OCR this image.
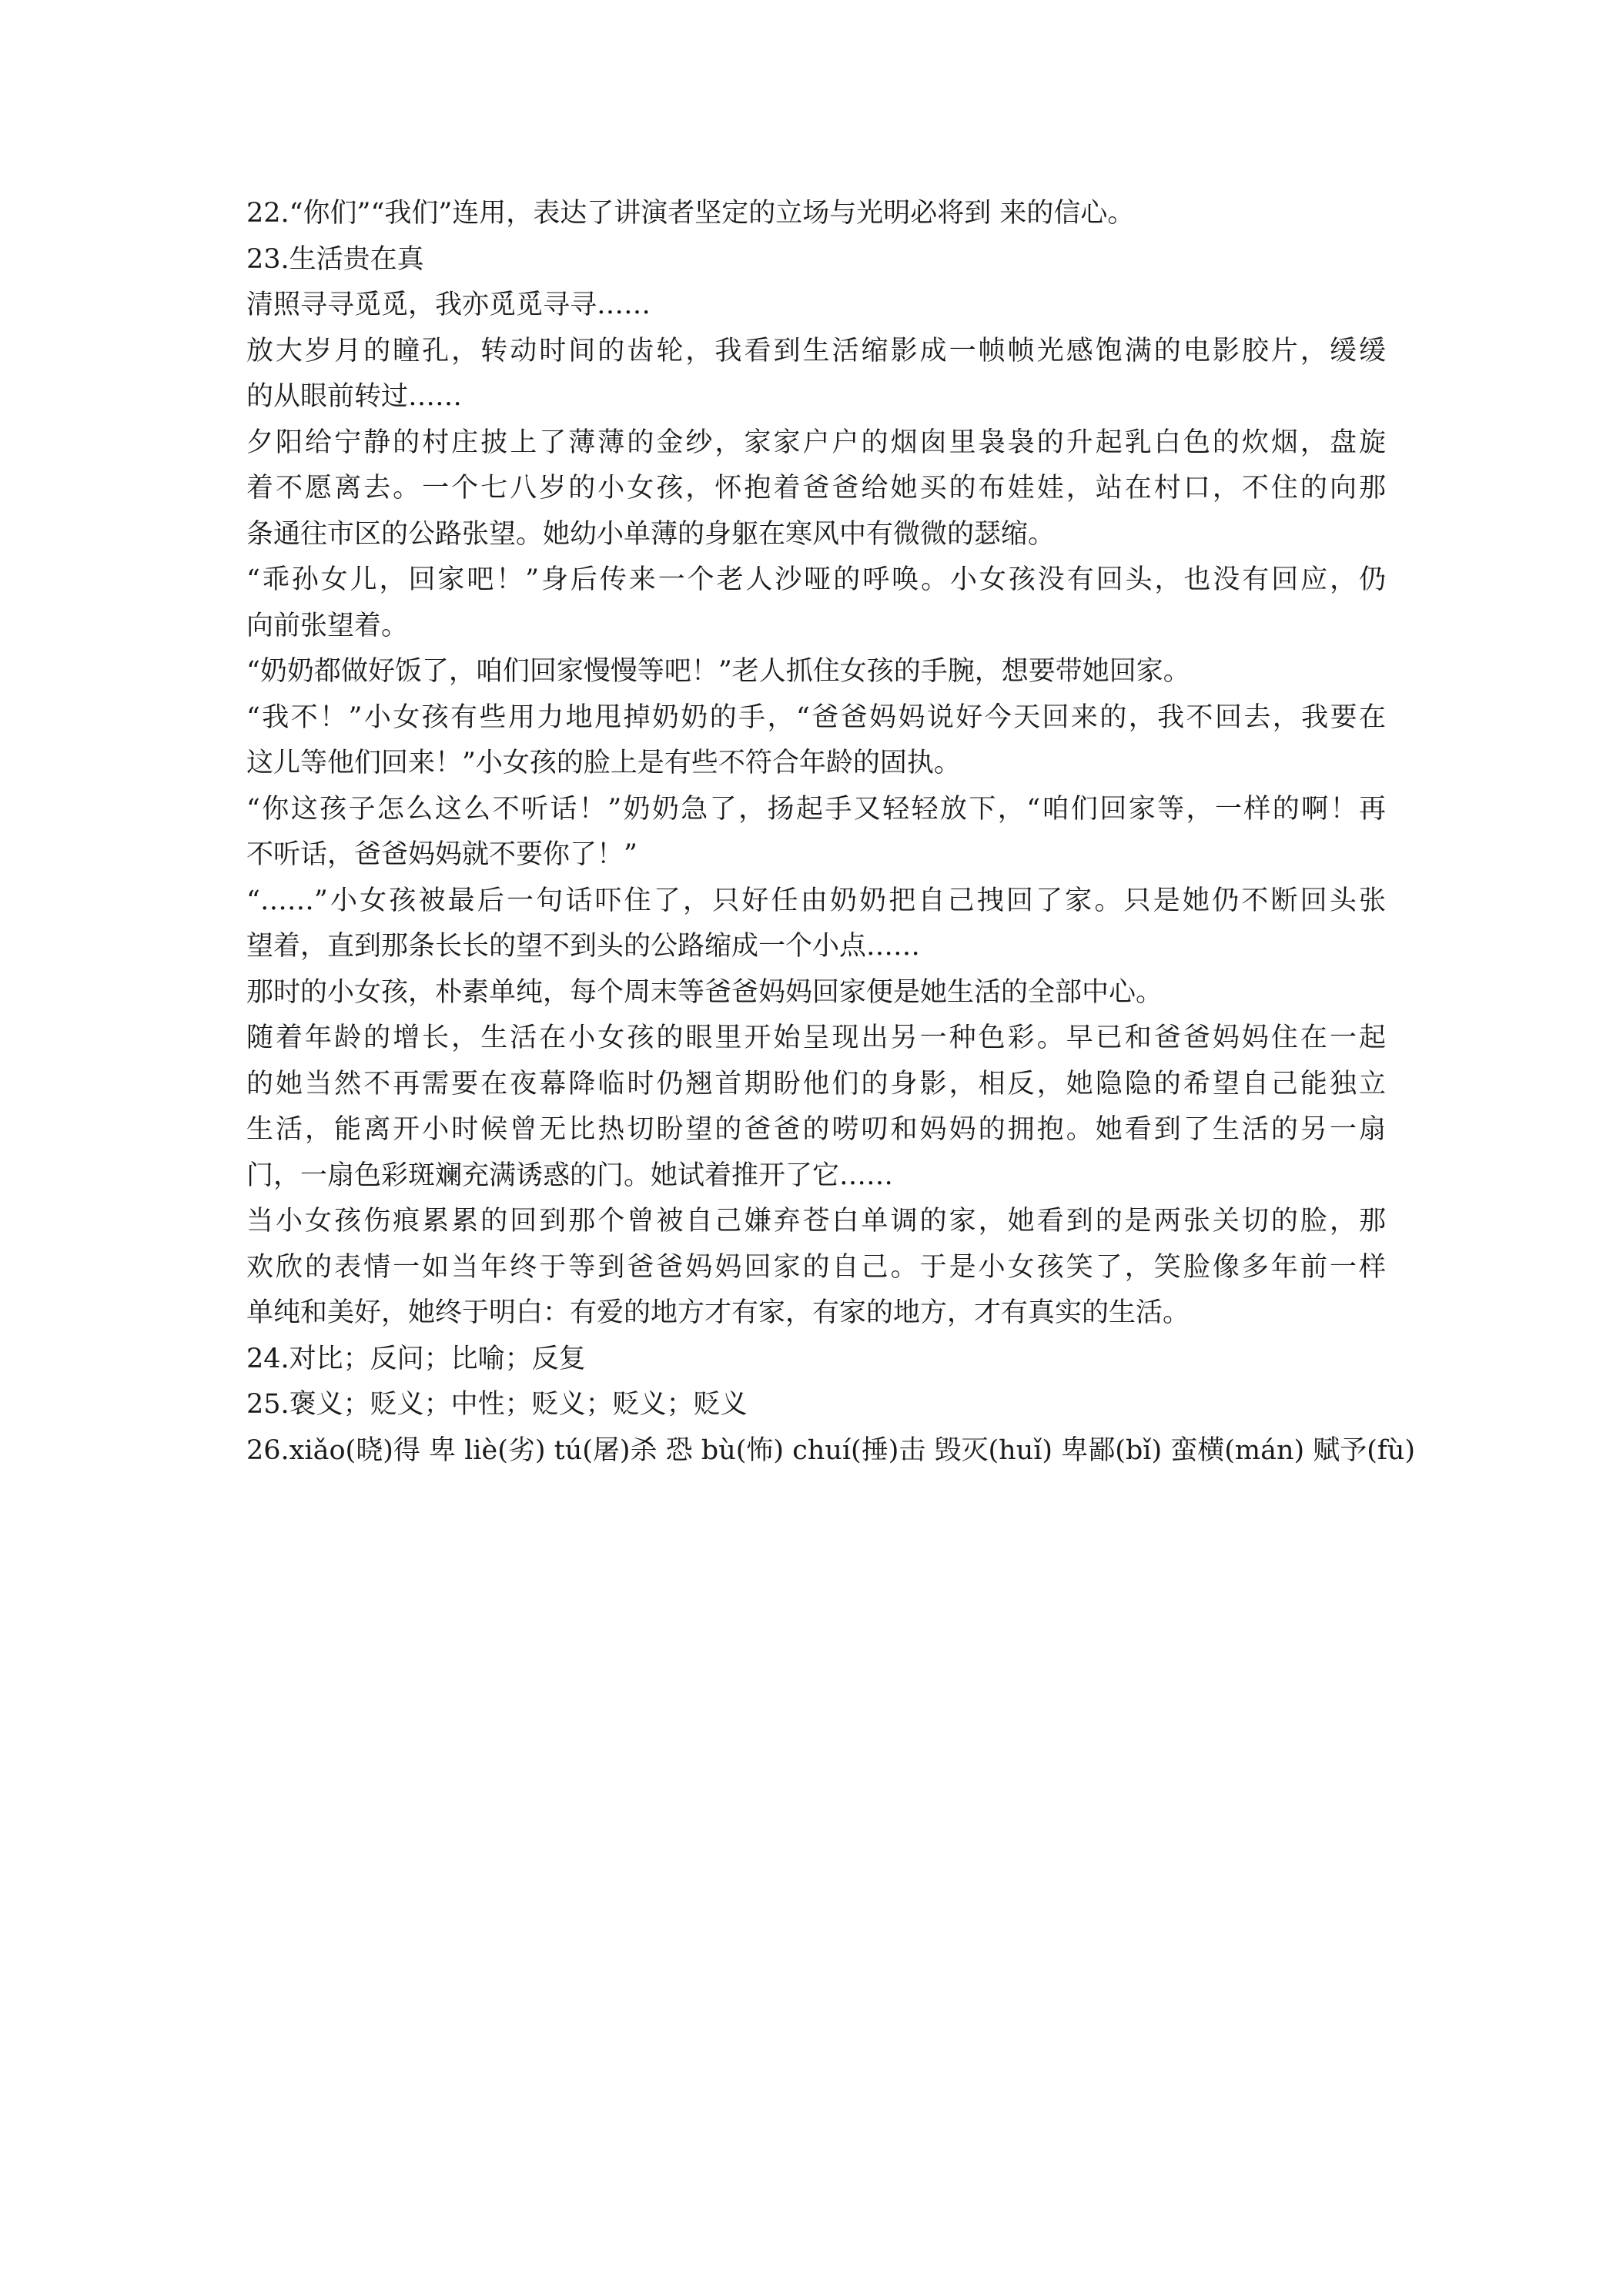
22.“你们”“我们”连用，表达了讲演者坚定的立场与光明必将到 来的信心。
23.生活贵在真
清照寻寻觅觅，我亦觅觅寻寻……
放大岁月的瞳孔，转动时间的齿轮，我看到生活缩影成一帧帧光感饱满的电影胶片，缓缓
的从眼前转过……
夕阳给宁静的村庄披上了薄薄的金纱，家家户户的烟囱里袅袅的升起乳白色的炊烟，盘旋
着不愿离去。一个七八岁的小女孩，怀抱着爸爸给她买的布娃娃，站在村口，不住的向那
条通往市区的公路张望。她幼小单薄的身躯在寒风中有微微的瑟缩。
“乖孙女儿，回家吧！”身后传来一个老人沙哑的呼唤。小女孩没有回头，也没有回应，仍
向前张望着。
“奶奶都做好饭了，咱们回家慢慢等吧！”老人抓住女孩的手腕，想要带她回家。
“我不！”小女孩有些用力地甩掉奶奶的手，“爸爸妈妈说好今天回来的，我不回去，我要在
这儿等他们回来！”小女孩的脸上是有些不符合年龄的固执。
“你这孩子怎么这么不听话！”奶奶急了，扬起手又轻轻放下，“咱们回家等，一样的啊！再
不听话，爸爸妈妈就不要你了！”
“……”小女孩被最后一句话吓住了，只好任由奶奶把自己拽回了家。只是她仍不断回头张
望着，直到那条长长的望不到头的公路缩成一个小点……
那时的小女孩，朴素单纯，每个周末等爸爸妈妈回家便是她生活的全部中心。
随着年龄的增长，生活在小女孩的眼里开始呈现出另一种色彩。早已和爸爸妈妈住在一起
的她当然不再需要在夜幕降临时仍翘首期盼他们的身影，相反，她隐隐的希望自己能独立
生活，能离开小时候曾无比热切盼望的爸爸的唠叨和妈妈的拥抱。她看到了生活的另一扇
门，一扇色彩斑斓充满诱惑的门。她试着推开了它……
当小女孩伤痕累累的回到那个曾被自己嫌弃苍白单调的家，她看到的是两张关切的脸，那
欢欣的表情一如当年终于等到爸爸妈妈回家的自己。于是小女孩笑了，笑脸像多年前一样
单纯和美好，她终于明白：有爱的地方才有家，有家的地方，才有真实的生活。
24.对比；反问；比喻；反复
25.褒义；贬义；中性；贬义；贬义；贬义
26.xiǎo(晓)得 卑 liè(劣) tú(屠)杀 恐 bù(怖) chuí(捶)击 毁灭(huǐ) 卑鄙(bǐ) 蛮横(mán) 赋予(fù)
